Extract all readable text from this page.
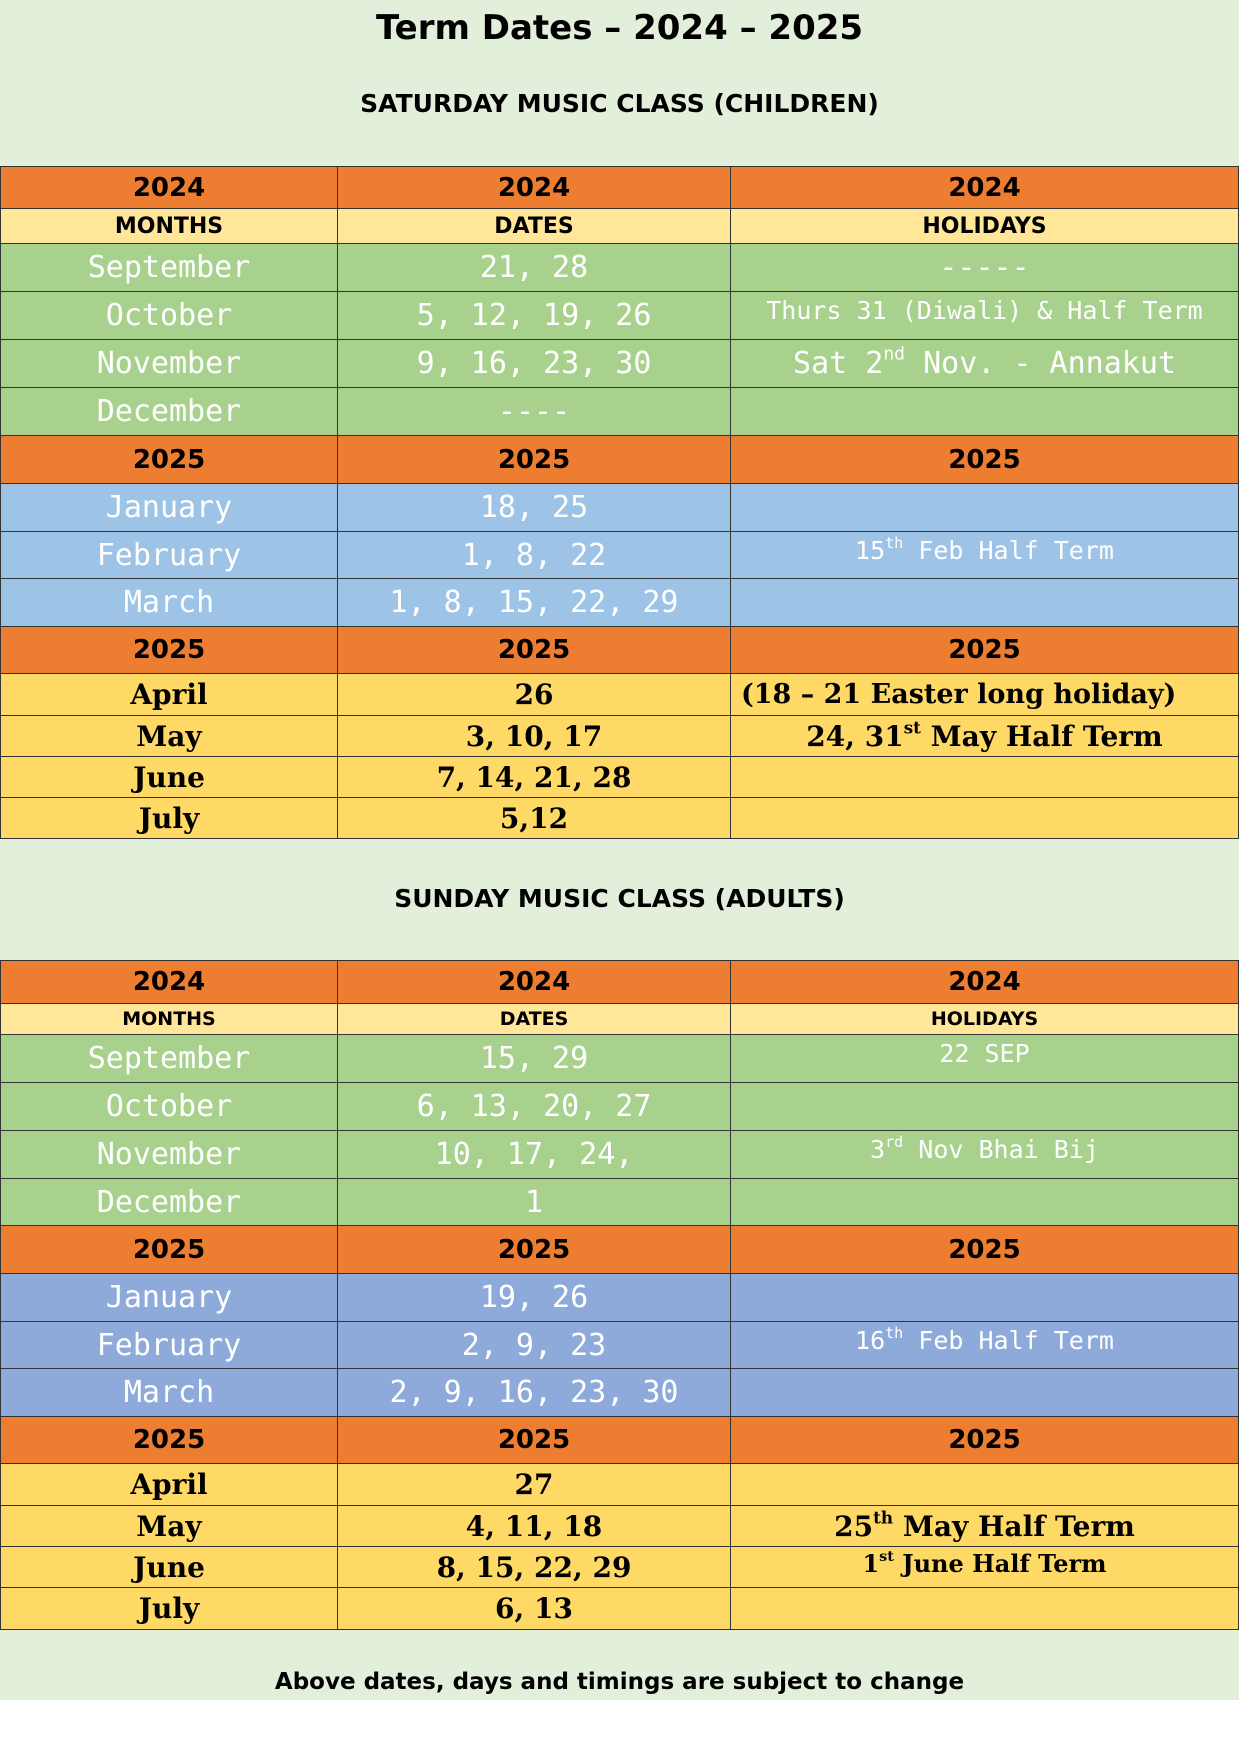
Term Dates – 2024 – 2025
SATURDAY MUSIC CLASS (CHILDREN)
2024	2024	2024
MONTHS	DATES	HOLIDAYS
September	21, 28	-----
October	5, 12, 19, 26	Thurs 31 (Diwali) & Half Term
November	9, 16, 23, 30	Sat 2nd Nov. - Annakut
December	----	
2025	2025	2025
January	18, 25	
February	1, 8, 22	15th Feb Half Term
March	1, 8, 15, 22, 29	
2025	2025	2025
April	26	(18 – 21 Easter long holiday)
May	3, 10, 17	24, 31st May Half Term
June	7, 14, 21, 28	
July	5,12	
SUNDAY MUSIC CLASS (ADULTS)
2024	2024	2024
MONTHS	DATES	HOLIDAYS
September	15, 29	22 SEP
October	6, 13, 20, 27	
November	10, 17, 24,	3rd Nov Bhai Bij
December	1	
2025	2025	2025
January	19, 26	
February	2, 9, 23	16th Feb Half Term
March	2, 9, 16, 23, 30	
2025	2025	2025
April	27	
May	4, 11, 18	25th May Half Term
June	8, 15, 22, 29	1st June Half Term
July	6, 13	

Above dates, days and timings are subject to change
